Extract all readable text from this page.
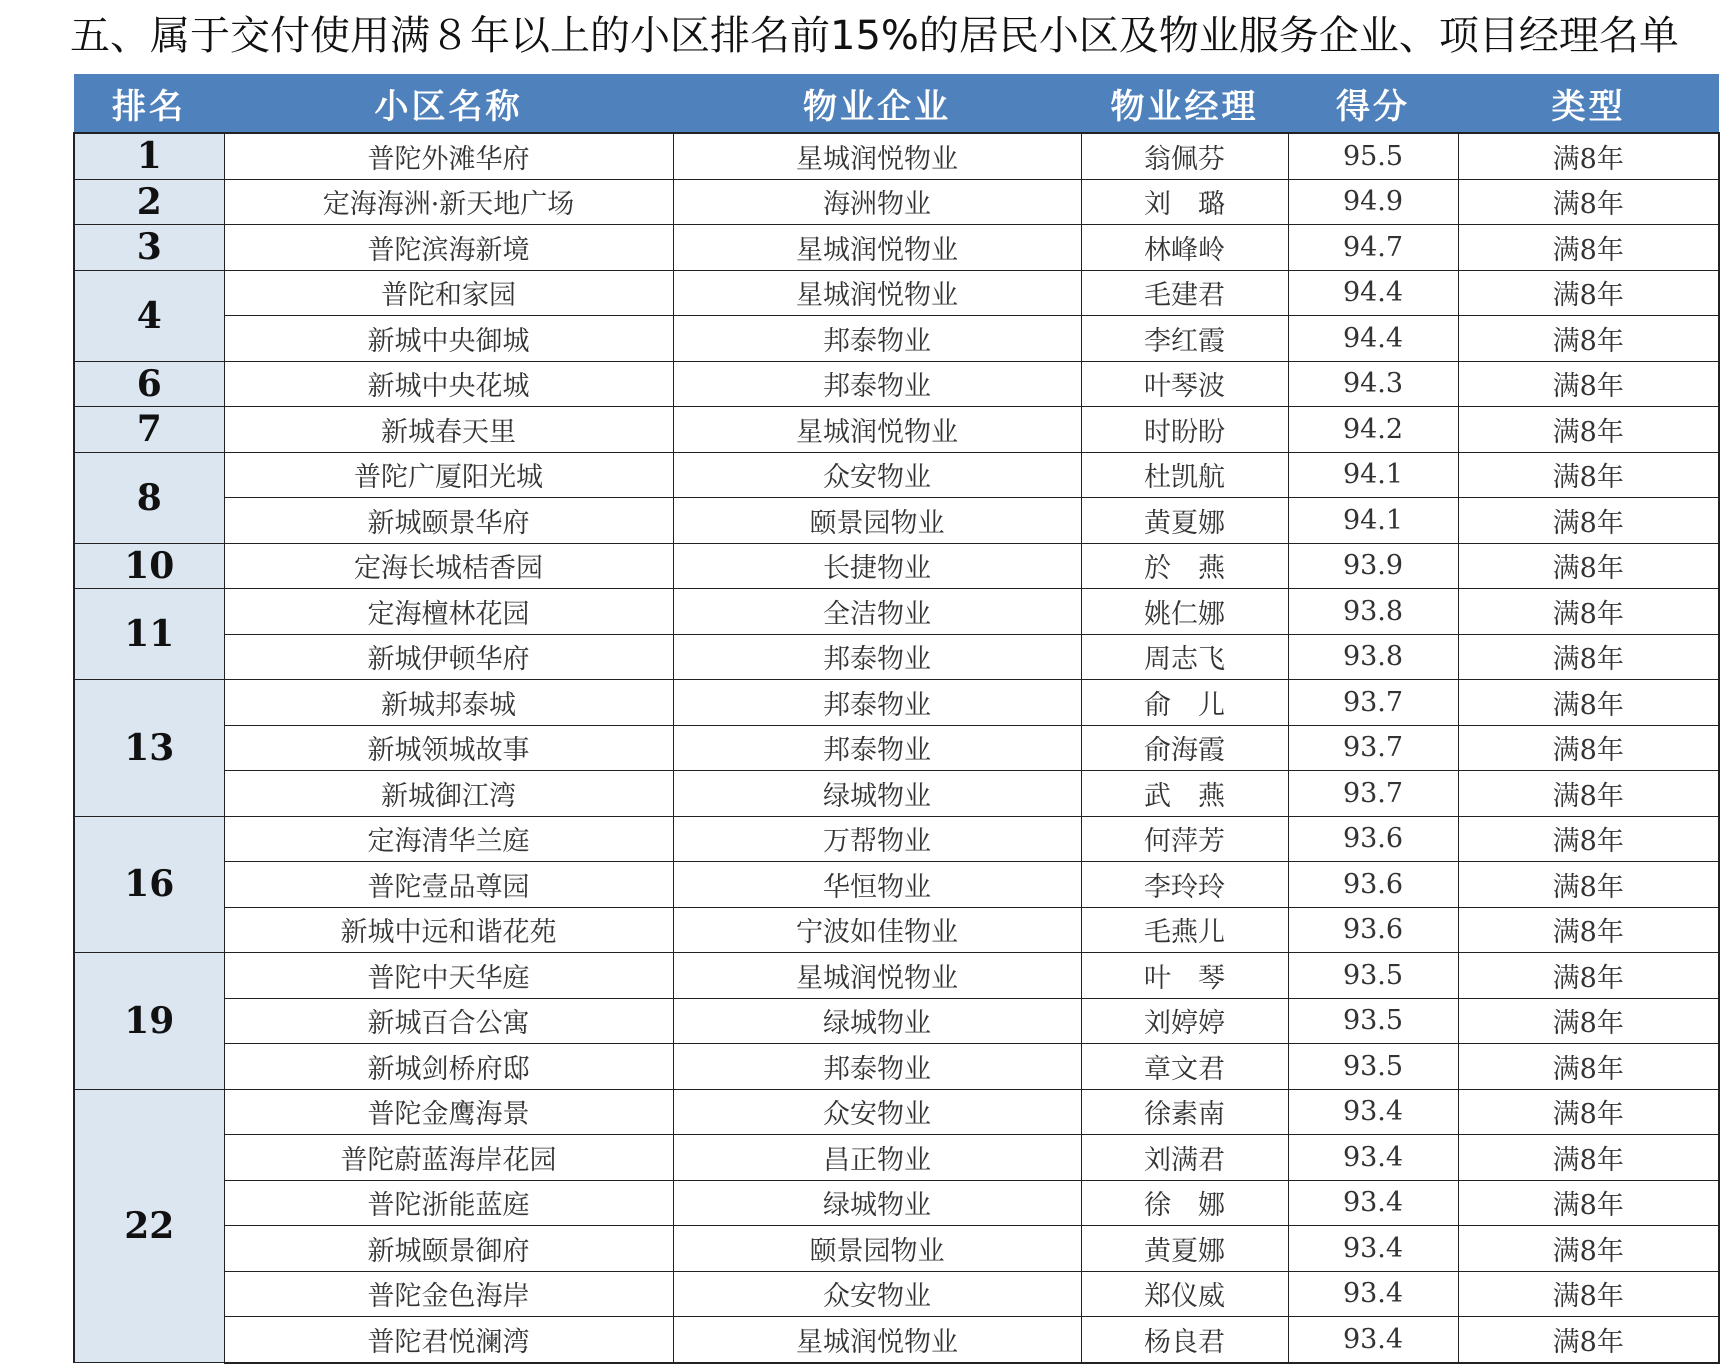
五、属于交付使用满８年以上的小区排名前15%的居民小区及物业服务企业、项目经理名单
排名	小区名称	物业企业	物业经理	得分	类型
1	普陀外滩华府	星城润悦物业	翁佩芬	95.5	满8年
2	定海海洲·新天地广场	海洲物业	刘　璐	94.9	满8年
3	普陀滨海新境	星城润悦物业	林峰岭	94.7	满8年
4	普陀和家园	星城润悦物业	毛建君	94.4	满8年
	新城中央御城	邦泰物业	李红霞	94.4	满8年
6	新城中央花城	邦泰物业	叶琴波	94.3	满8年
7	新城春天里	星城润悦物业	时盼盼	94.2	满8年
8	普陀广厦阳光城	众安物业	杜凯航	94.1	满8年
	新城颐景华府	颐景园物业	黄夏娜	94.1	满8年
10	定海长城桔香园	长捷物业	於　燕	93.9	满8年
11	定海檀林花园	全洁物业	姚仁娜	93.8	满8年
	新城伊顿华府	邦泰物业	周志飞	93.8	满8年
13	新城邦泰城	邦泰物业	俞　儿	93.7	满8年
	新城领城故事	邦泰物业	俞海霞	93.7	满8年
	新城御江湾	绿城物业	武　燕	93.7	满8年
16	定海清华兰庭	万帮物业	何萍芳	93.6	满8年
	普陀壹品尊园	华恒物业	李玲玲	93.6	满8年
	新城中远和谐花苑	宁波如佳物业	毛燕儿	93.6	满8年
19	普陀中天华庭	星城润悦物业	叶　琴	93.5	满8年
	新城百合公寓	绿城物业	刘婷婷	93.5	满8年
	新城剑桥府邸	邦泰物业	章文君	93.5	满8年
22	普陀金鹰海景	众安物业	徐素南	93.4	满8年
	普陀蔚蓝海岸花园	昌正物业	刘满君	93.4	满8年
	普陀浙能蓝庭	绿城物业	徐　娜	93.4	满8年
	新城颐景御府	颐景园物业	黄夏娜	93.4	满8年
	普陀金色海岸	众安物业	郑仪威	93.4	满8年
	普陀君悦澜湾	星城润悦物业	杨良君	93.4	满8年
